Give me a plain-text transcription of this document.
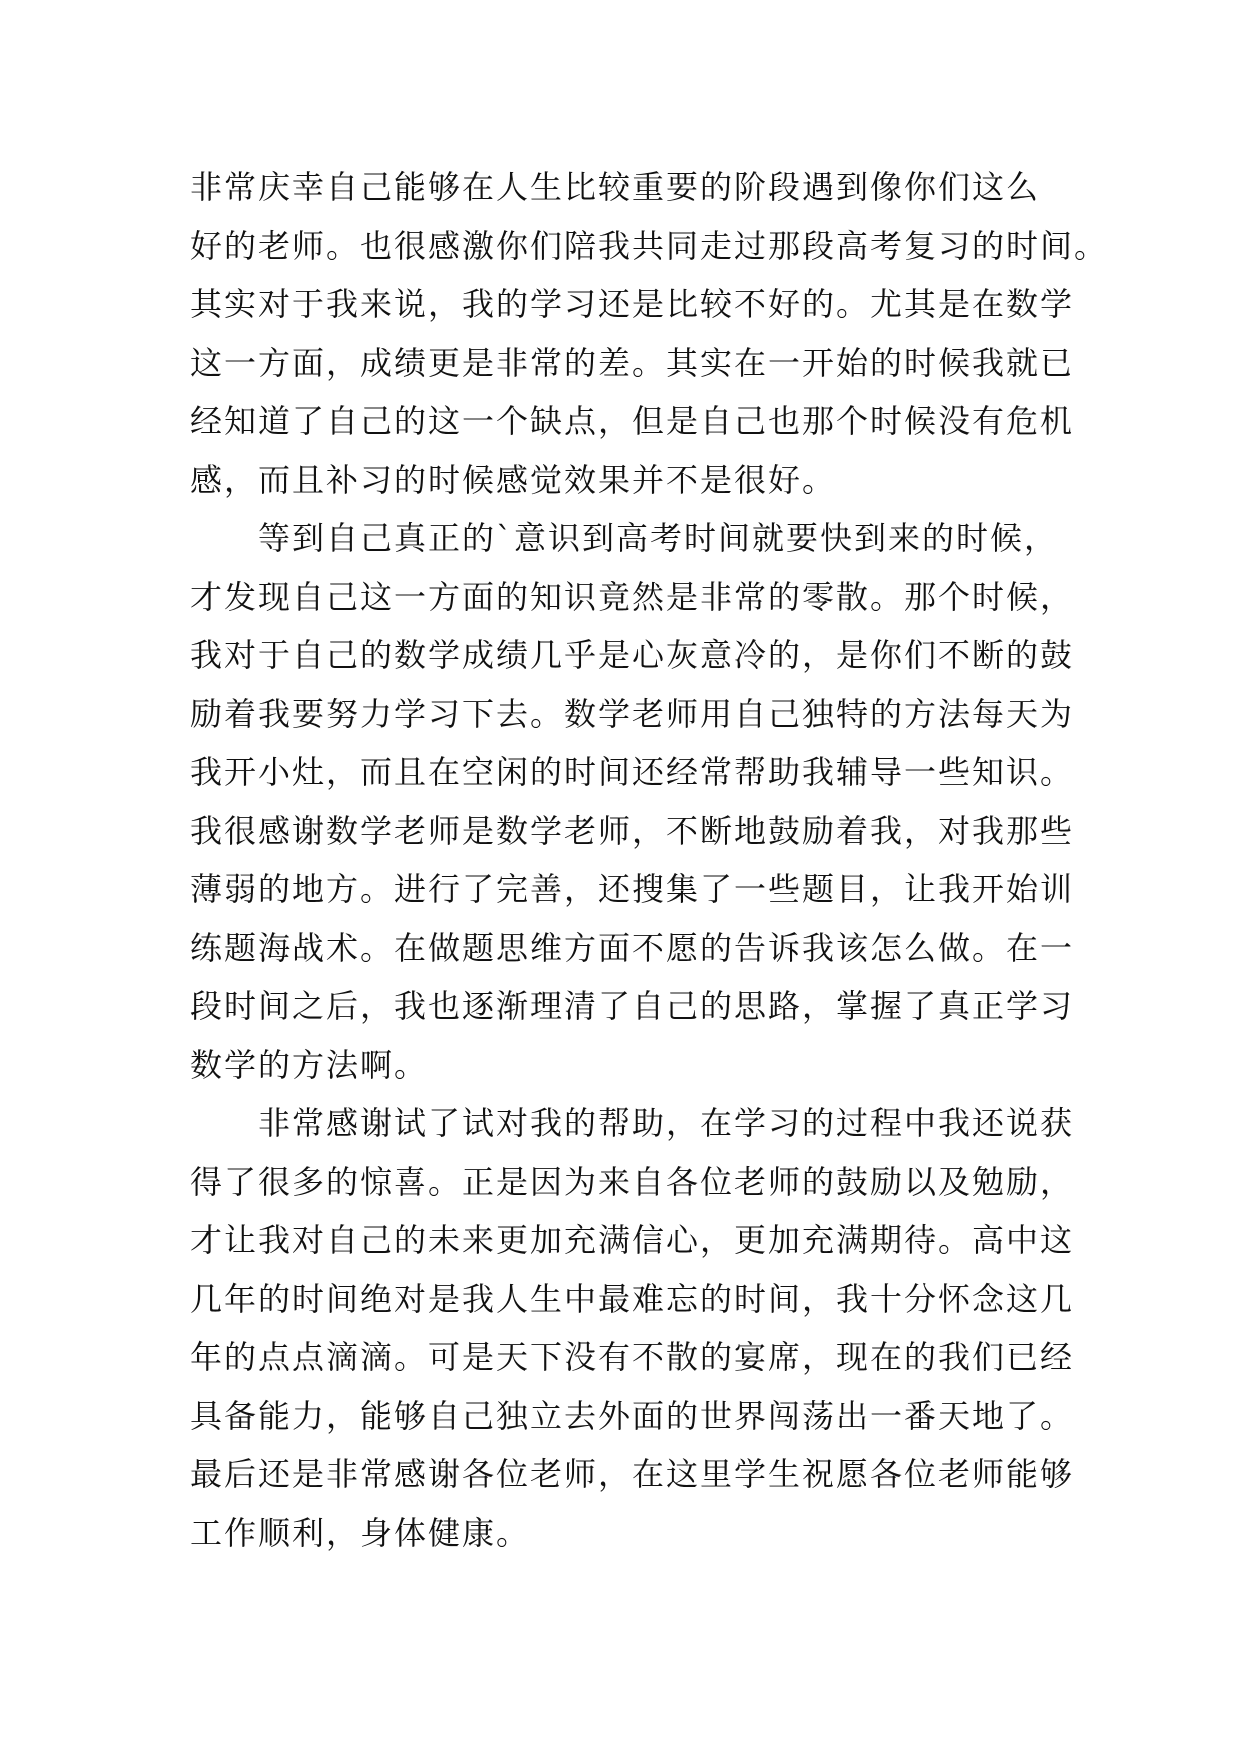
非常庆幸自己能够在人生比较重要的阶段遇到像你们这么
好的老师。也很感激你们陪我共同走过那段高考复习的时间。
其实对于我来说，我的学习还是比较不好的。尤其是在数学
这一方面，成绩更是非常的差。其实在一开始的时候我就已
经知道了自己的这一个缺点，但是自己也那个时候没有危机
感，而且补习的时候感觉效果并不是很好。
等到自己真正的`意识到高考时间就要快到来的时候，
才发现自己这一方面的知识竟然是非常的零散。那个时候，
我对于自己的数学成绩几乎是心灰意冷的，是你们不断的鼓
励着我要努力学习下去。数学老师用自己独特的方法每天为
我开小灶，而且在空闲的时间还经常帮助我辅导一些知识。
我很感谢数学老师是数学老师，不断地鼓励着我，对我那些
薄弱的地方。进行了完善，还搜集了一些题目，让我开始训
练题海战术。在做题思维方面不愿的告诉我该怎么做。在一
段时间之后，我也逐渐理清了自己的思路，掌握了真正学习
数学的方法啊。
非常感谢试了试对我的帮助，在学习的过程中我还说获
得了很多的惊喜。正是因为来自各位老师的鼓励以及勉励，
才让我对自己的未来更加充满信心，更加充满期待。高中这
几年的时间绝对是我人生中最难忘的时间，我十分怀念这几
年的点点滴滴。可是天下没有不散的宴席，现在的我们已经
具备能力，能够自己独立去外面的世界闯荡出一番天地了。
最后还是非常感谢各位老师，在这里学生祝愿各位老师能够
工作顺利，身体健康。
